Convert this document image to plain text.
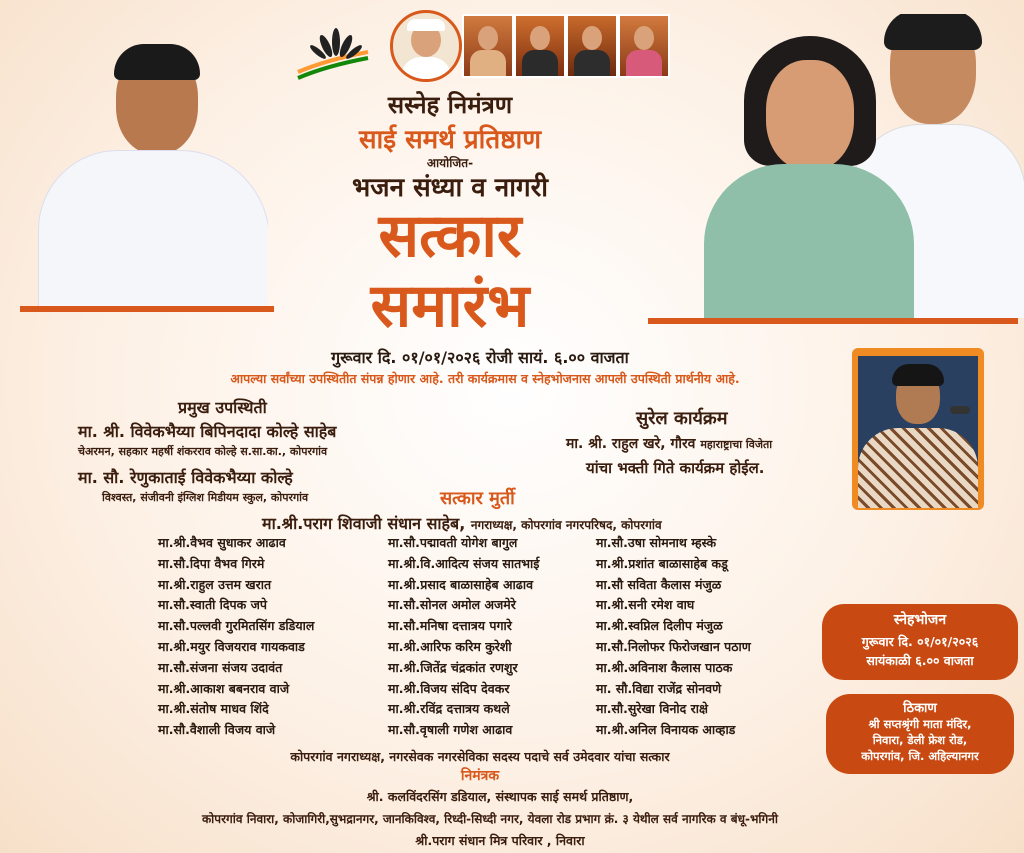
सस्नेह निमंत्रण
साई समर्थ प्रतिष्ठाण
आयोजित-
भजन संध्या व नागरी
सत्कार
समारंभ
गुरूवार दि. ०१/०१/२०२६ रोजी सायं. ६.०० वाजता
आपल्या सर्वांच्या उपस्थितीत संपन्न होणार आहे. तरी कार्यक्रमास व स्नेहभोजनास आपली उपस्थिती प्रार्थनीय आहे.
प्रमुख उपस्थिती
मा. श्री. विवेकभैय्या बिपिनदादा कोल्हे साहेब
चेअरमन, सहकार महर्षी शंकरराव कोल्हे स.सा.का., कोपरगांव
मा. सौ. रेणुकाताई विवेकभैय्या कोल्हे
विश्वस्त, संजीवनी इंग्लिश मिडीयम स्कुल, कोपरगांव
सुरेल कार्यक्रम
मा. श्री. राहुल खरे, गौरव महाराष्ट्राचा विजेता
यांचा भक्ती गिते कार्यक्रम होईल.
सत्कार मुर्ती
मा.श्री.पराग शिवाजी संधान साहेब, नगराध्यक्ष, कोपरगांव नगरपरिषद, कोपरगांव
मा.श्री.वैभव सुधाकर आढाव
मा.सौ.दिपा वैभव गिरमे
मा.श्री.राहुल उत्तम खरात
मा.सौ.स्वाती दिपक जपे
मा.सौ.पल्लवी गुरमितसिंग डडियाल
मा.श्री.मयुर विजयराव गायकवाड
मा.सौ.संजना संजय उदावंत
मा.श्री.आकाश बबनराव वाजे
मा.श्री.संतोष माधव शिंदे
मा.सौ.वैशाली विजय वाजे
मा.सौ.पद्मावती योगेश बागुल
मा.श्री.वि.आदित्य संजय सातभाई
मा.श्री.प्रसाद बाळासाहेब आढाव
मा.सौ.सोनल अमोल अजमेरे
मा.सौ.मनिषा दत्तात्रय पगारे
मा.श्री.आरिफ करिम कुरेशी
मा.श्री.जितेंद्र चंद्रकांत रणशुर
मा.श्री.विजय संदिप देवकर
मा.श्री.रविंद्र दत्तात्रय कथले
मा.सौ.वृषाली गणेश आढाव
मा.सौ.उषा सोमनाथ म्हस्के
मा.श्री.प्रशांत बाळासाहेब कडू
मा.सौ सविता कैलास मंजुळ
मा.श्री.सनी रमेश वाघ
मा.श्री.स्वप्निल दिलीप मंजुळ
मा.सौ.निलोफर फिरोजखान पठाण
मा.श्री.अविनाश कैलास पाठक
मा. सौ.विद्या राजेंद्र सोनवणे
मा.सौ.सुरेखा विनोद राक्षे
मा.श्री.अनिल विनायक आव्हाड
कोपरगांव नगराध्यक्ष, नगरसेवक नगरसेविका सदस्य पदाचे सर्व उमेदवार यांचा सत्कार
निमंत्रक
श्री. कलविंदरसिंग डडियाल, संस्थापक साई समर्थ प्रतिष्ठाण,
कोपरगांव निवारा, कोजागिरी,सुभद्रानगर, जानकिविश्व, रिध्दी-सिध्दी नगर, येवला रोड प्रभाग क्रं. ३ येथील सर्व नागरिक व बंधू-भगिनी
श्री.पराग संधान मित्र परिवार , निवारा
स्नेहभोजन
गुरूवार दि. ०१/०१/२०२६
सायंकाळी ६.०० वाजता
ठिकाण
श्री सप्तश्रृंगी माता मंदिर,
निवारा, डेली फ्रेश रोड,
कोपरगांव, जि. अहिल्यानगर
